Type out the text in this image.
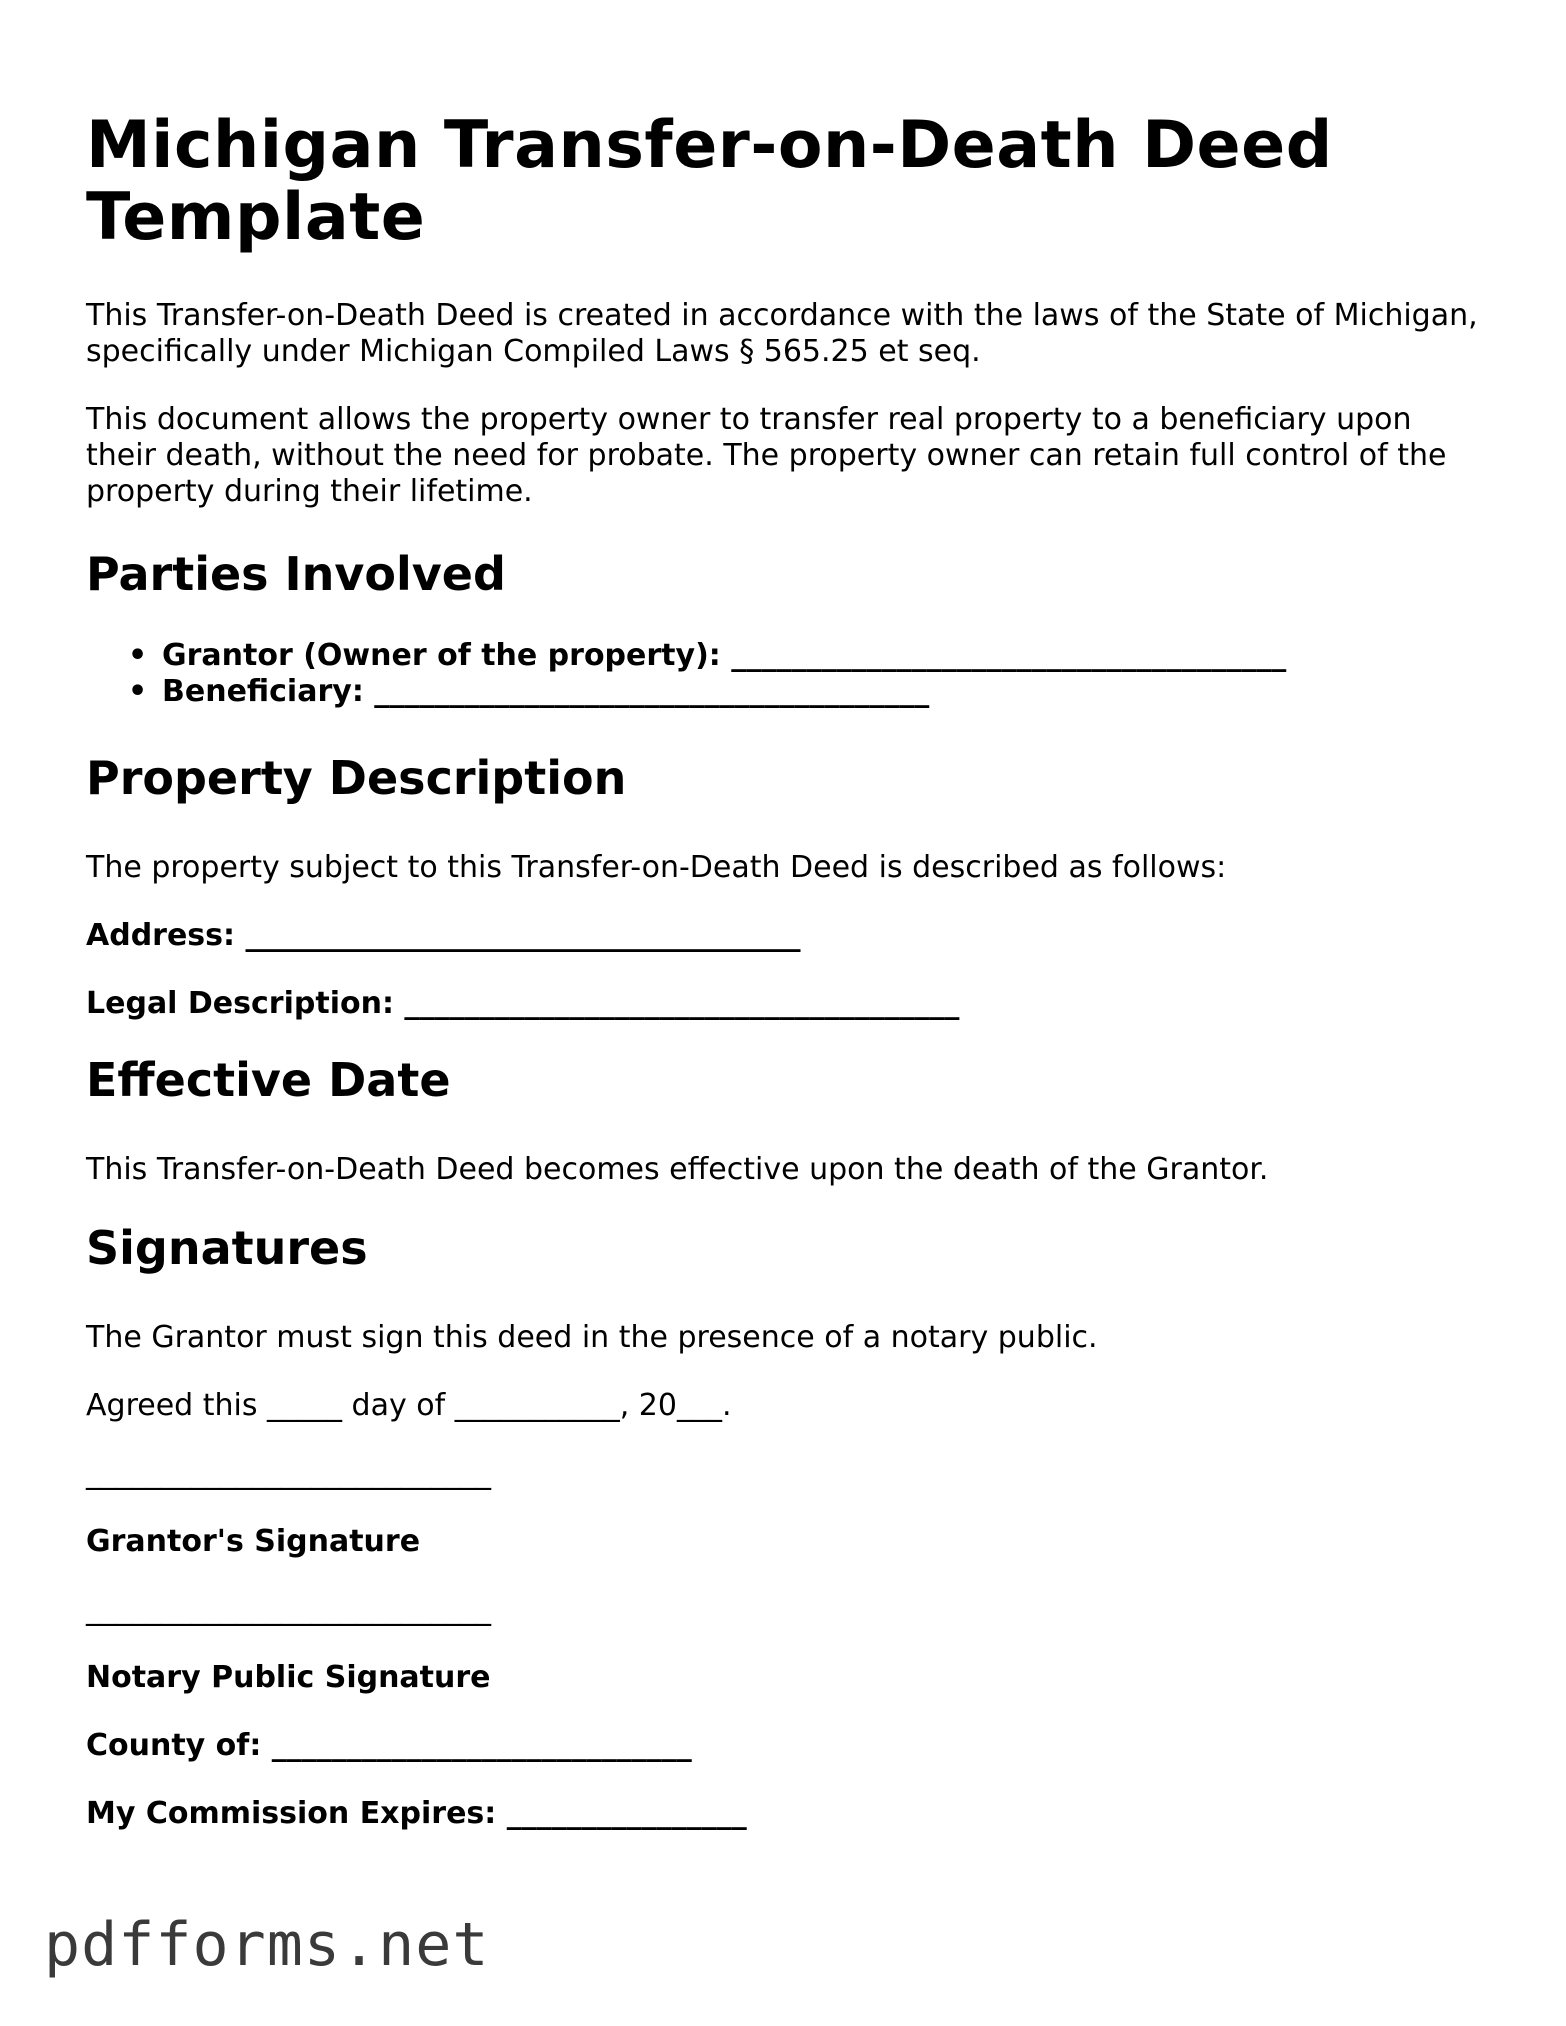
Michigan Transfer-on-Death Deed Template

This Transfer-on-Death Deed is created in accordance with the laws of the State of Michigan, specifically under Michigan Compiled Laws § 565.25 et seq.

This document allows the property owner to transfer real property to a beneficiary upon their death, without the need for probate. The property owner can retain full control of the property during their lifetime.

Parties Involved
• Grantor (Owner of the property): _____________________________________
• Beneficiary: _____________________________________
Property Description

The property subject to this Transfer-on-Death Deed is described as follows:

Address: _____________________________________

Legal Description: _____________________________________

Effective Date

This Transfer-on-Death Deed becomes effective upon the death of the Grantor.

Signatures

The Grantor must sign this deed in the presence of a notary public.

Agreed this _____ day of ___________, 20___.

___________________________

Grantor's Signature

___________________________

Notary Public Signature

County of: ____________________________

My Commission Expires: ________________

pdfforms.net
